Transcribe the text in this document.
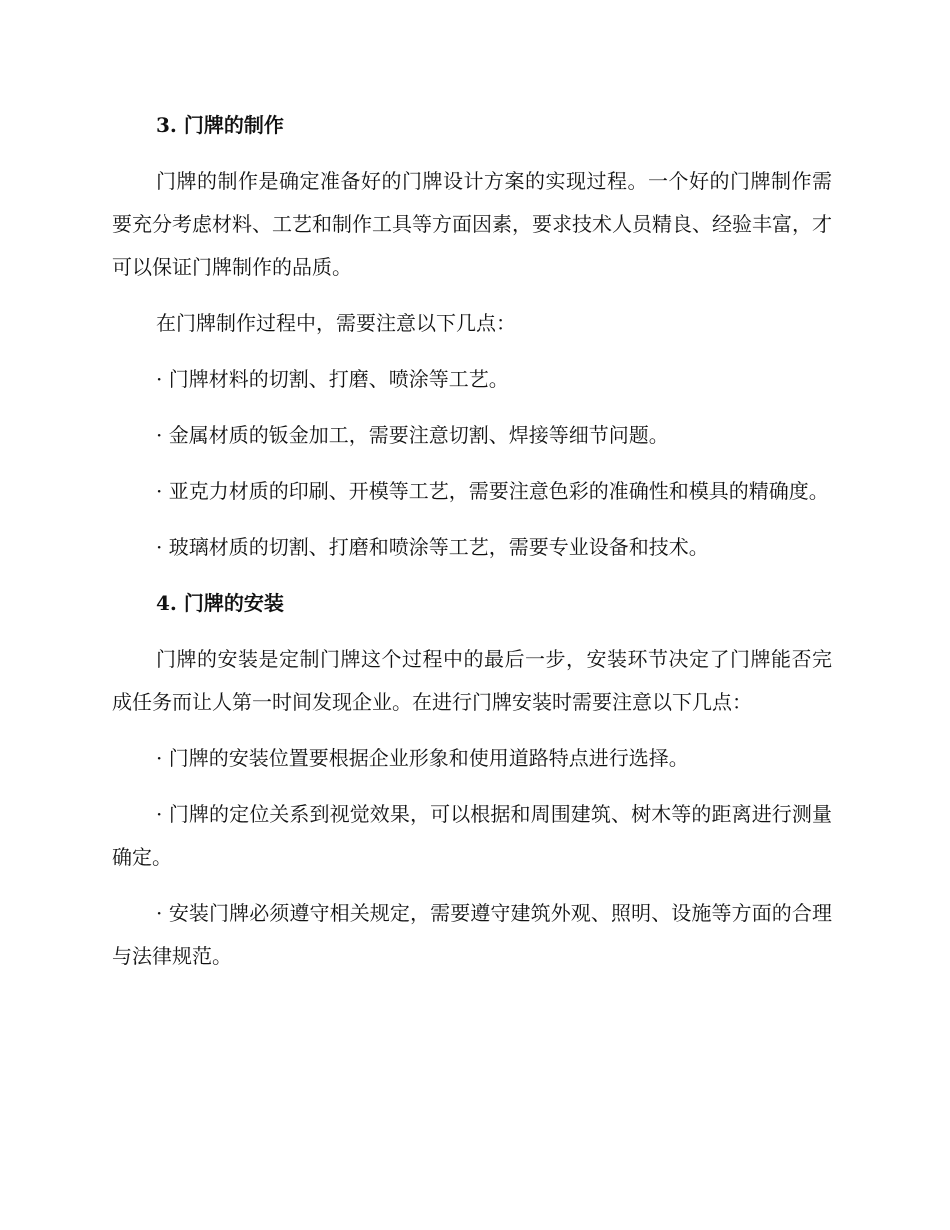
3. 门牌的制作

门牌的制作是确定准备好的门牌设计方案的实现过程。一个好的门牌制作需要充分考虑材料、工艺和制作工具等方面因素，要求技术人员精良、经验丰富，才可以保证门牌制作的品质。

在门牌制作过程中，需要注意以下几点：

· 门牌材料的切割、打磨、喷涂等工艺。

· 金属材质的钣金加工，需要注意切割、焊接等细节问题。

· 亚克力材质的印刷、开模等工艺，需要注意色彩的准确性和模具的精确度。

· 玻璃材质的切割、打磨和喷涂等工艺，需要专业设备和技术。

4. 门牌的安装

门牌的安装是定制门牌这个过程中的最后一步，安装环节决定了门牌能否完成任务而让人第一时间发现企业。在进行门牌安装时需要注意以下几点：

· 门牌的安装位置要根据企业形象和使用道路特点进行选择。

· 门牌的定位关系到视觉效果，可以根据和周围建筑、树木等的距离进行测量确定。

· 安装门牌必须遵守相关规定，需要遵守建筑外观、照明、设施等方面的合理与法律规范。
